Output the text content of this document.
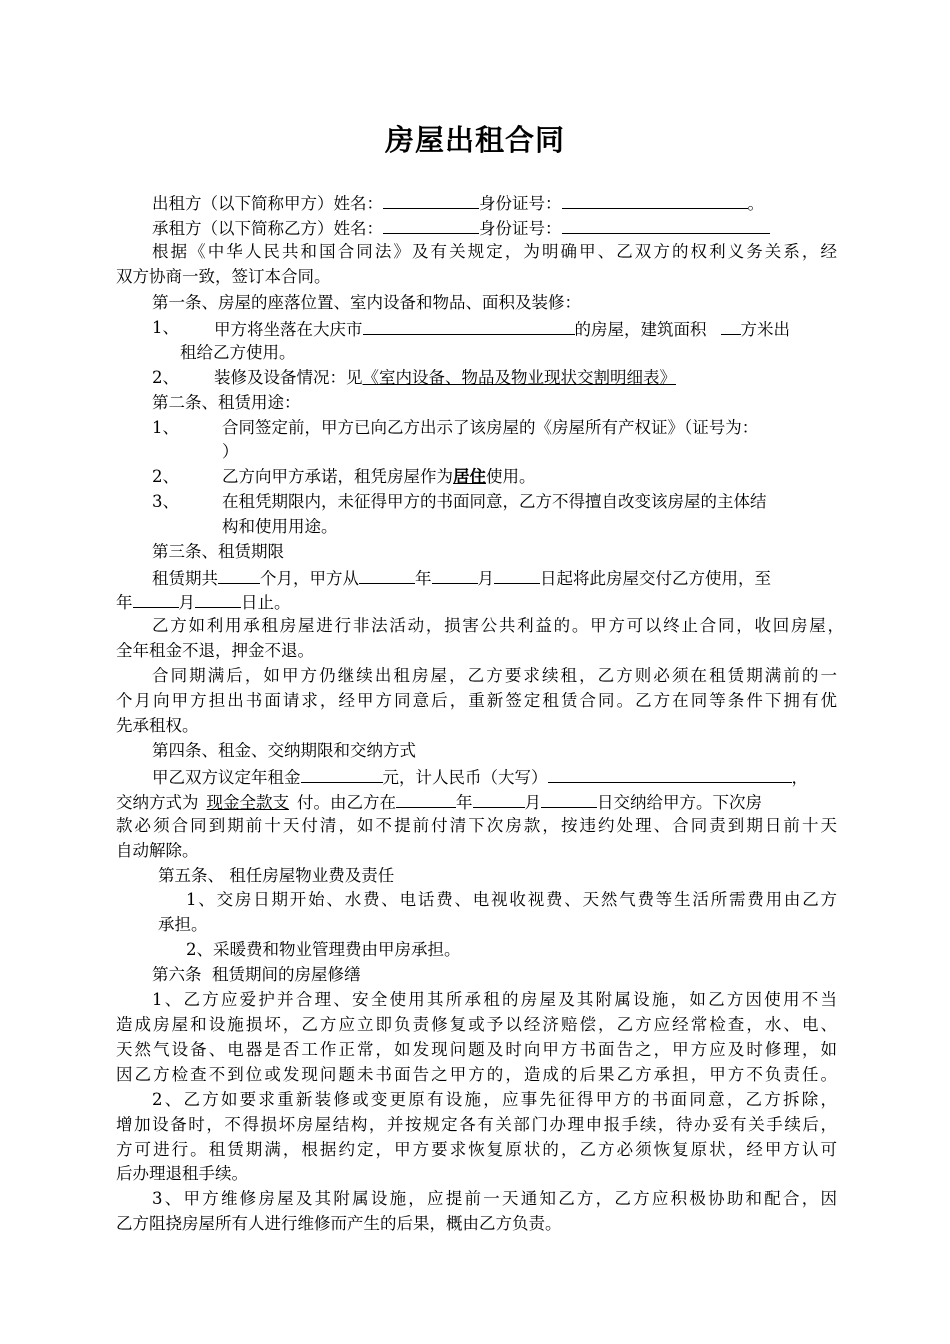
房屋出租合同
出租方（以下简称甲方）姓名：	身份证号：	。
承租方（以下简称乙方）姓名：	身份证号：
根据《中华人民共和国合同法》及有关规定，为明确甲、乙双方的权利义务关系，经
双方协商一致，签订本合同。
第一条、房屋的座落位置、室内设备和物品、面积及装修：
1、 甲方将坐落在大庆市	的房屋，建筑面积 方米出
租给乙方使用。
2、 装修及设备情况：见《室内设备、物品及物业现状交割明细表》
第二条、租赁用途：
1、	合同签定前，甲方已向乙方出示了该房屋的《房屋所有产权证》（证号为：
）
2、	乙方向甲方承诺，租凭房屋作为居住使用。
3、	在租凭期限内，未征得甲方的书面同意，乙方不得擅自改变该房屋的主体结
构和使用用途。
第三条、租赁期限
租赁期共	个月，甲方从	年	月	日起将此房屋交付乙方使用，至
年	月	日止。
乙方如利用承租房屋进行非法活动，损害公共利益的。甲方可以终止合同，收回房屋，
全年租金不退，押金不退。
合同期满后，如甲方仍继续出租房屋，乙方要求续租，乙方则必须在租赁期满前的一
个月向甲方担出书面请求，经甲方同意后，重新签定租赁合同。乙方在同等条件下拥有优
先承租权。
第四条、租金、交纳期限和交纳方式
甲乙双方议定年租金	元，计人民币（大写）	，
交纳方式为 现金全款支 付。由乙方在	年	月	日交纳给甲方。下次房
款必须合同到期前十天付清，如不提前付清下次房款，按违约处理、合同责到期日前十天
自动解除。
第五条、 租任房屋物业费及责任
1、交房日期开始、水费、电话费、电视收视费、天然气费等生活所需费用由乙方
承担。
2、采暖费和物业管理费由甲房承担。
第六条  租赁期间的房屋修缮
1、乙方应爱护并合理、安全使用其所承租的房屋及其附属设施，如乙方因使用不当
造成房屋和设施损坏，乙方应立即负责修复或予以经济赔偿，乙方应经常检查，水、电、
天然气设备、电器是否工作正常，如发现问题及时向甲方书面告之，甲方应及时修理，如
因乙方检查不到位或发现问题未书面告之甲方的，造成的后果乙方承担，甲方不负责任。
2、乙方如要求重新装修或变更原有设施，应事先征得甲方的书面同意，乙方拆除，
增加设备时，不得损坏房屋结构，并按规定各有关部门办理申报手续，待办妥有关手续后，
方可进行。租赁期满，根据约定，甲方要求恢复原状的，乙方必须恢复原状，经甲方认可
后办理退租手续。
3、甲方维修房屋及其附属设施，应提前一天通知乙方，乙方应积极协助和配合，因
乙方阻挠房屋所有人进行维修而产生的后果，概由乙方负责。
